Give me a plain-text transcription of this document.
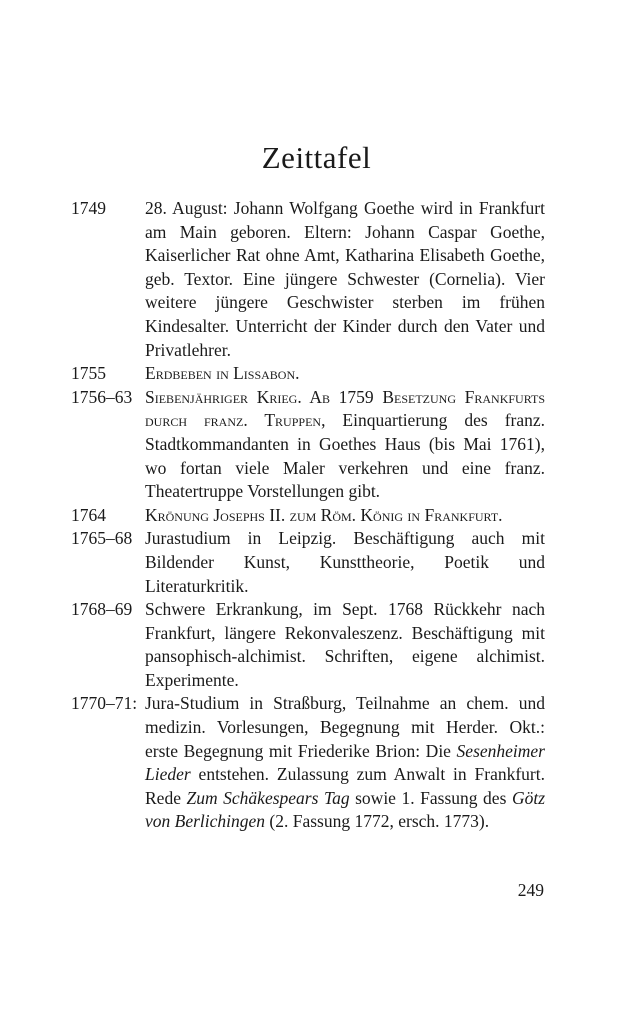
Zeittafel
1749 28. August: Johann Wolfgang Goethe wird in Frankfurt am Main geboren. Eltern: Johann Caspar Goethe, Kaiserlicher Rat ohne Amt, Katharina Elisabeth Goethe, geb. Textor. Eine jüngere Schwester (Cornelia). Vier weitere jüngere Geschwister sterben im frühen Kindesalter. Unterricht der Kinder durch den Vater und Privatlehrer.
1755 Erdbeben in Lissabon.
1756–63 Siebenjähriger Krieg. Ab 1759 Besetzung Frankfurts durch franz. Truppen, Einquartierung des franz. Stadtkommandanten in Goethes Haus (bis Mai 1761), wo fortan viele Maler verkehren und eine franz. Theatertruppe Vorstellungen gibt.
1764 Krönung Josephs II. zum Röm. König in Frankfurt.
1765–68 Jurastudium in Leipzig. Beschäftigung auch mit Bildender Kunst, Kunsttheorie, Poetik und Literaturkritik.
1768–69 Schwere Erkrankung, im Sept. 1768 Rückkehr nach Frankfurt, längere Rekonvaleszenz. Beschäftigung mit pansophisch-alchimist. Schriften, eigene alchimist. Experimente.
1770–71: Jura-Studium in Straßburg, Teilnahme an chem. und medizin. Vorlesungen, Begegnung mit Herder. Okt.: erste Begegnung mit Friederike Brion: Die Sesenheimer Lieder entstehen. Zulassung zum Anwalt in Frankfurt. Rede Zum Schäkespears Tag sowie 1. Fassung des Götz von Berlichingen (2. Fassung 1772, ersch. 1773).
249
